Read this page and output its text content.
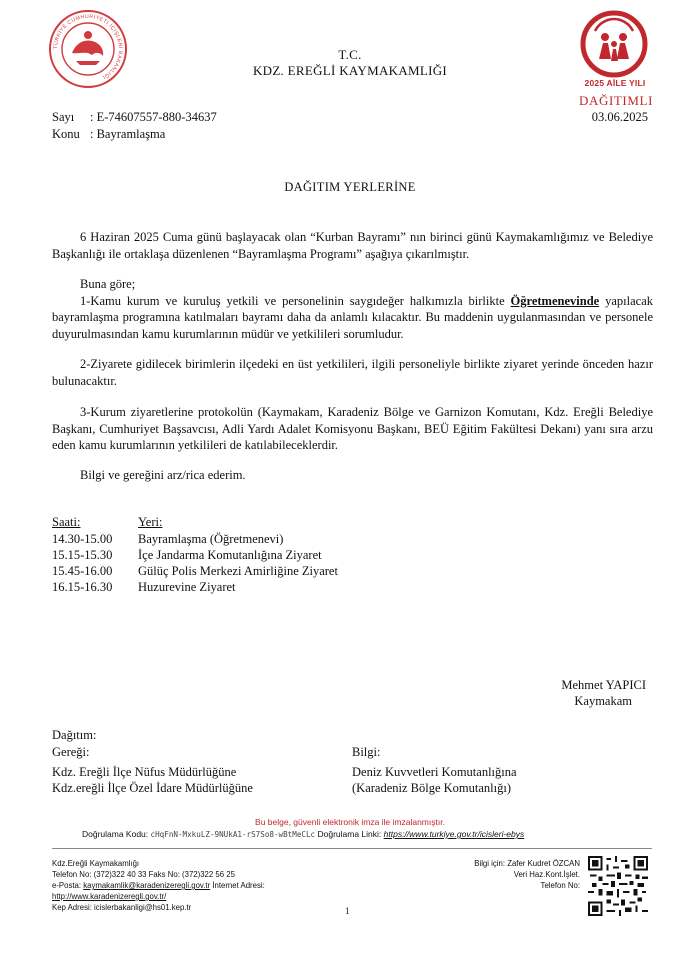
TÜRKİYE CUMHURİYETİ İÇİŞLERİ BAKANLIĞI
2025 AİLE YILI
DAĞITIMLI
03.06.2025
T.C.
KDZ. EREĞLİ KAYMAKAMLIĞI
Sayı : E-74607557-880-34637
Konu : Bayramlaşma
DAĞITIM YERLERİNE
6 Haziran 2025 Cuma günü başlayacak olan “Kurban Bayramı” nın birinci günü Kaymakamlığımız ve Belediye Başkanlığı ile ortaklaşa düzenlenen “Bayramlaşma Programı” aşağıya çıkarılmıştır.
Buna göre;
1-Kamu kurum ve kuruluş yetkili ve personelinin saygıdeğer halkımızla birlikte Öğretmenevinde yapılacak bayramlaşma programına katılmaları bayramı daha da anlamlı kılacaktır. Bu maddenin uygulanmasından ve personele duyurulmasından kamu kurumlarının müdür ve yetkilileri sorumludur.
2-Ziyarete gidilecek birimlerin ilçedeki en üst yetkilileri, ilgili personeliyle birlikte ziyaret yerinde önceden hazır bulunacaktır.
3-Kurum ziyaretlerine protokolün (Kaymakam, Karadeniz Bölge ve Garnizon Komutanı, Kdz. Ereğli Belediye Başkanı, Cumhuriyet Başsavcısı, Adli Yardı Adalet Komisyonu Başkanı, BEÜ Eğitim Fakültesi Dekanı) yanı sıra arzu eden kamu kurumlarının yetkilileri de katılabileceklerdir.
Bilgi ve gereğini arz/rica ederim.
Saati:	Yeri:
14.30-15.00 Bayramlaşma (Öğretmenevi)
15.15-15.30 İçe Jandarma Komutanlığına Ziyaret
15.45-16.00 Gülüç Polis Merkezi Amirliğine Ziyaret
16.15-16.30 Huzurevine Ziyaret
Mehmet YAPICI
Kaymakam
Dağıtım:
Gereği:
Kdz. Ereğli İlçe Nüfus Müdürlüğüne
Kdz.ereğli İlçe Özel İdare Müdürlüğüne
Bilgi:
Deniz Kuvvetleri Komutanlığına
(Karadeniz Bölge Komutanlığı)
Bu belge, güvenli elektronik imza ile imzalanmıştır.
Doğrulama Kodu: cHqFnN-MxkuLZ-9NUkA1-rS7So8-wBtMeCLc Doğrulama Linki: https://www.turkiye.gov.tr/icisleri-ebys
Kdz.Ereğli Kaymakamlığı
Telefon No: (372)322 40 33 Faks No: (372)322 56 25
e-Posta: kaymakamlik@karadenizeregli.gov.tr İnternet Adresi:
http://www.karadenizeregli.gov.tr/
Kep Adresi: icislerbakanligi@hs01.kep.tr
Bilgi için: Zafer Kudret ÖZCAN
Veri Haz.Kont.İşlet.
Telefon No:
1
